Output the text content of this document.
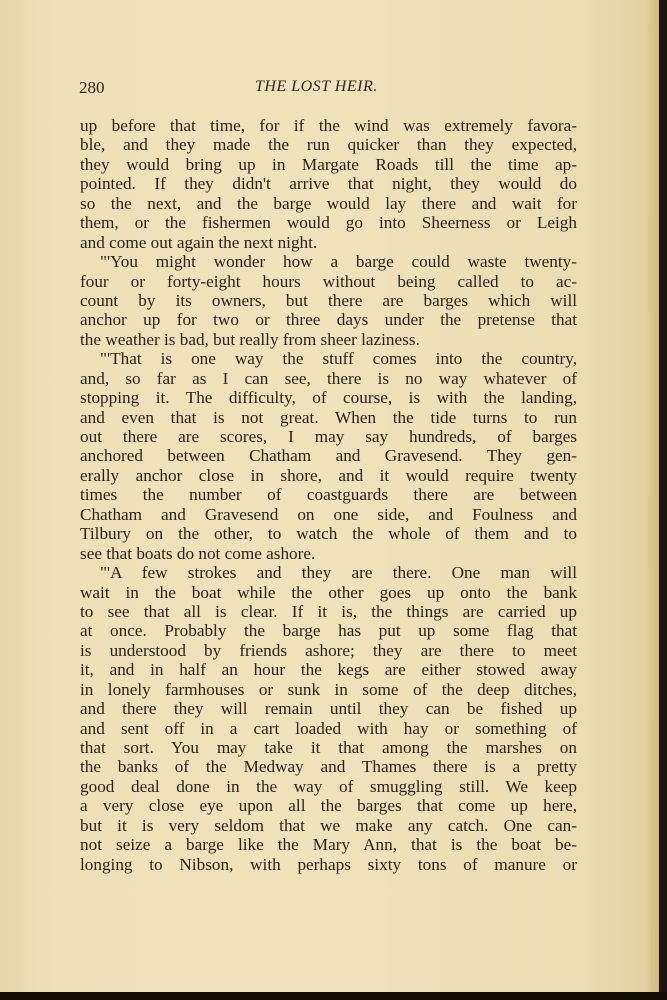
280	THE LOST HEIR.
up before that time, for if the wind was extremely favora-
ble, and they made the run quicker than they expected,
they would bring up in Margate Roads till the time ap-
pointed. If they didn't arrive that night, they would do
so the next, and the barge would lay there and wait for
them, or the fishermen would go into Sheerness or Leigh
and come out again the next night.
"'You might wonder how a barge could waste twenty-
four or forty-eight hours without being called to ac-
count by its owners, but there are barges which will
anchor up for two or three days under the pretense that
the weather is bad, but really from sheer laziness.
"'That is one way the stuff comes into the country,
and, so far as I can see, there is no way whatever of
stopping it. The difficulty, of course, is with the landing,
and even that is not great. When the tide turns to run
out there are scores, I may say hundreds, of barges
anchored between Chatham and Gravesend. They gen-
erally anchor close in shore, and it would require twenty
times the number of coastguards there are between
Chatham and Gravesend on one side, and Foulness and
Tilbury on the other, to watch the whole of them and to
see that boats do not come ashore.
"'A few strokes and they are there. One man will
wait in the boat while the other goes up onto the bank
to see that all is clear. If it is, the things are carried up
at once. Probably the barge has put up some flag that
is understood by friends ashore; they are there to meet
it, and in half an hour the kegs are either stowed away
in lonely farmhouses or sunk in some of the deep ditches,
and there they will remain until they can be fished up
and sent off in a cart loaded with hay or something of
that sort. You may take it that among the marshes on
the banks of the Medway and Thames there is a pretty
good deal done in the way of smuggling still. We keep
a very close eye upon all the barges that come up here,
but it is very seldom that we make any catch. One can-
not seize a barge like the Mary Ann, that is the boat be-
longing to Nibson, with perhaps sixty tons of manure or
